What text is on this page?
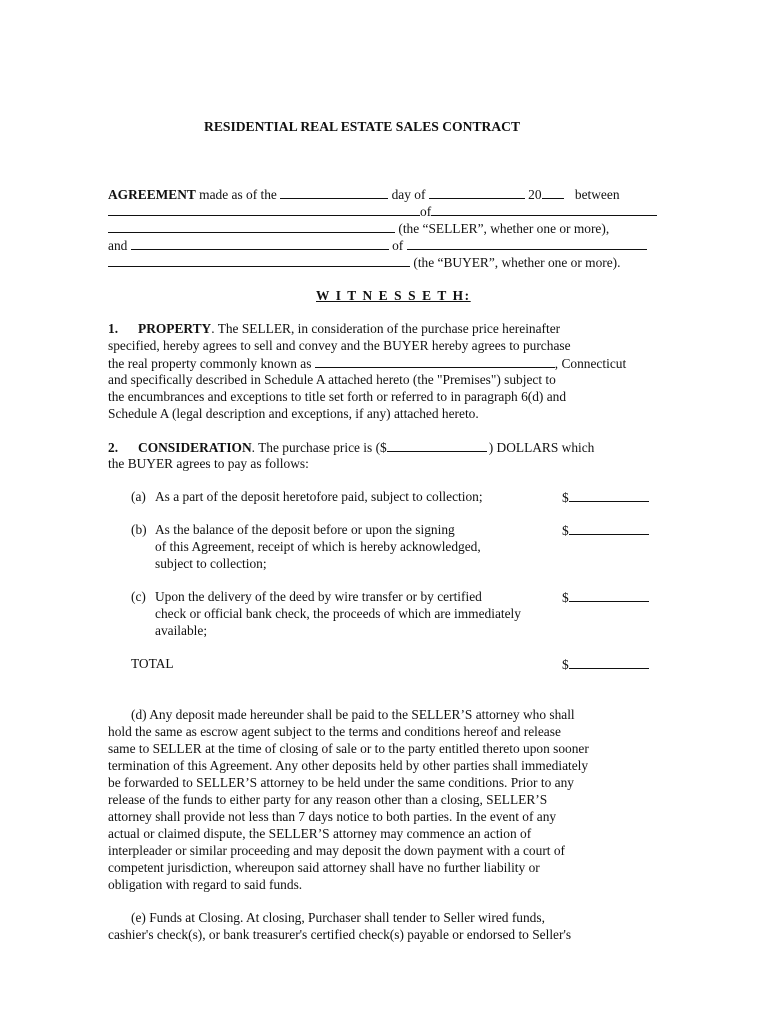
RESIDENTIAL REAL ESTATE SALES CONTRACT
AGREEMENT made as of the	day of	20 between
of
(the “SELLER”, whether one or more),
and	of
(the “BUYER”, whether one or more).
W I T N E S S E T H:
1. PROPERTY. The SELLER, in consideration of the purchase price hereinafter
specified, hereby agrees to sell and convey and the BUYER hereby agrees to purchase
the real property commonly known as	, Connecticut
and specifically described in Schedule A attached hereto (the "Premises") subject to
the encumbrances and exceptions to title set forth or referred to in paragraph 6(d) and
Schedule A (legal description and exceptions, if any) attached hereto.
2. CONSIDERATION. The purchase price is ($	) DOLLARS which
the BUYER agrees to pay as follows:
(a) As a part of the deposit heretofore paid, subject to collection;	$
(b) As the balance of the deposit before or upon the signing
of this Agreement, receipt of which is hereby acknowledged,
subject to collection;
$
(c) Upon the delivery of the deed by wire transfer or by certified
check or official bank check, the proceeds of which are immediately
available;
$
TOTAL	$
(d) Any deposit made hereunder shall be paid to the SELLER’S attorney who shall
hold the same as escrow agent subject to the terms and conditions hereof and release
same to SELLER at the time of closing of sale or to the party entitled thereto upon sooner
termination of this Agreement. Any other deposits held by other parties shall immediately
be forwarded to SELLER’S attorney to be held under the same conditions. Prior to any
release of the funds to either party for any reason other than a closing, SELLER’S
attorney shall provide not less than 7 days notice to both parties. In the event of any
actual or claimed dispute, the SELLER’S attorney may commence an action of
interpleader or similar proceeding and may deposit the down payment with a court of
competent jurisdiction, whereupon said attorney shall have no further liability or
obligation with regard to said funds.
(e) Funds at Closing. At closing, Purchaser shall tender to Seller wired funds,
cashier's check(s), or bank treasurer's certified check(s) payable or endorsed to Seller's
